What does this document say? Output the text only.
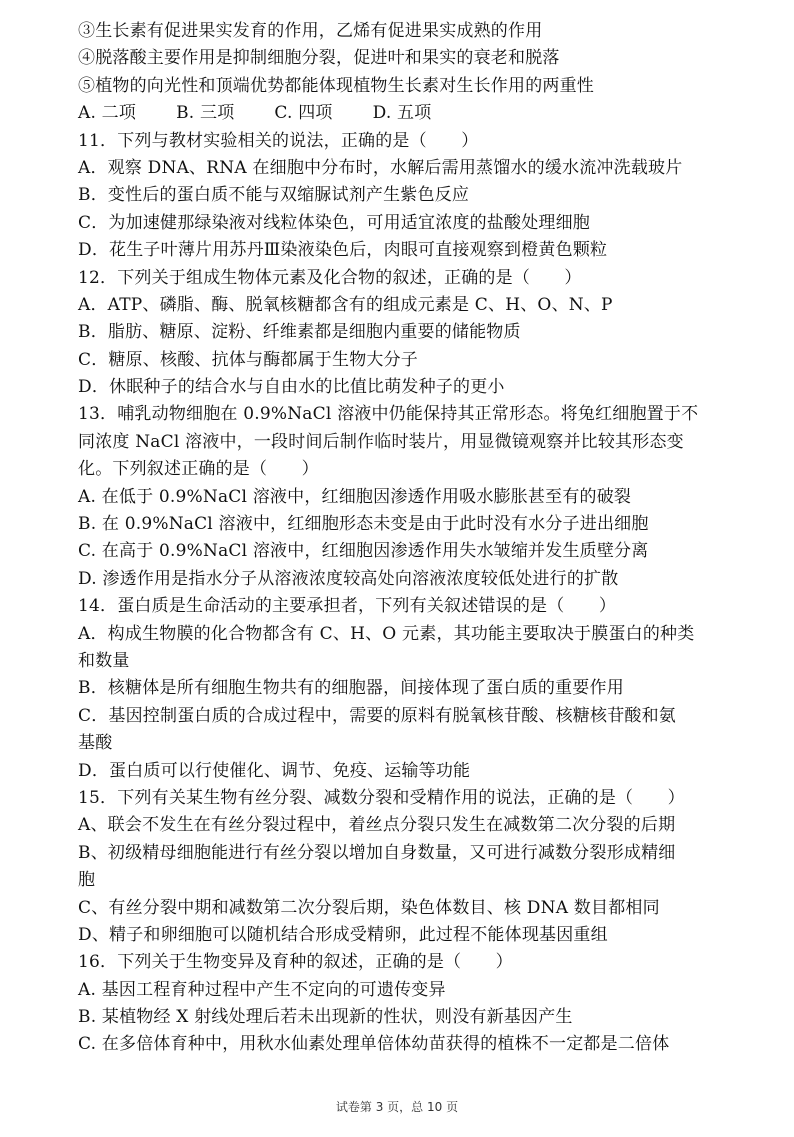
③生长素有促进果实发育的作用，乙烯有促进果实成熟的作用
④脱落酸主要作用是抑制细胞分裂，促进叶和果实的衰老和脱落
⑤植物的向光性和顶端优势都能体现植物生长素对生长作用的两重性
A. 二项 B. 三项 C. 四项 D. 五项
11．下列与教材实验相关的说法，正确的是（　　）
A．观察 DNA、RNA 在细胞中分布时，水解后需用蒸馏水的缓水流冲洗载玻片
B．变性后的蛋白质不能与双缩脲试剂产生紫色反应
C．为加速健那绿染液对线粒体染色，可用适宜浓度的盐酸处理细胞
D．花生子叶薄片用苏丹Ⅲ染液染色后，肉眼可直接观察到橙黄色颗粒
12．下列关于组成生物体元素及化合物的叙述，正确的是（　　）
A．ATP、磷脂、酶、脱氧核糖都含有的组成元素是 C、H、O、N、P
B．脂肪、糖原、淀粉、纤维素都是细胞内重要的储能物质
C．糖原、核酸、抗体与酶都属于生物大分子
D．休眠种子的结合水与自由水的比值比萌发种子的更小
13．哺乳动物细胞在 0.9%NaCl 溶液中仍能保持其正常形态。将兔红细胞置于不
同浓度 NaCl 溶液中，一段时间后制作临时装片，用显微镜观察并比较其形态变
化。下列叙述正确的是（　　）
A. 在低于 0.9%NaCl 溶液中，红细胞因渗透作用吸水膨胀甚至有的破裂
B. 在 0.9%NaCl 溶液中，红细胞形态未变是由于此时没有水分子进出细胞
C. 在高于 0.9%NaCl 溶液中，红细胞因渗透作用失水皱缩并发生质壁分离
D. 渗透作用是指水分子从溶液浓度较高处向溶液浓度较低处进行的扩散
14．蛋白质是生命活动的主要承担者，下列有关叙述错误的是（　　）
A．构成生物膜的化合物都含有 C、H、O 元素，其功能主要取决于膜蛋白的种类
和数量
B．核糖体是所有细胞生物共有的细胞器，间接体现了蛋白质的重要作用
C．基因控制蛋白质的合成过程中，需要的原料有脱氧核苷酸、核糖核苷酸和氨
基酸
D．蛋白质可以行使催化、调节、免疫、运输等功能
15．下列有关某生物有丝分裂、减数分裂和受精作用的说法，正确的是（　　）
A、联会不发生在有丝分裂过程中，着丝点分裂只发生在减数第二次分裂的后期
B、初级精母细胞能进行有丝分裂以增加自身数量，又可进行减数分裂形成精细
胞
C、有丝分裂中期和减数第二次分裂后期，染色体数目、核 DNA 数目都相同
D、精子和卵细胞可以随机结合形成受精卵，此过程不能体现基因重组
16．下列关于生物变异及育种的叙述，正确的是（　　）
A. 基因工程育种过程中产生不定向的可遗传变异
B. 某植物经 X 射线处理后若未出现新的性状，则没有新基因产生
C. 在多倍体育种中，用秋水仙素处理单倍体幼苗获得的植株不一定都是二倍体
试卷第 3 页，总 10 页
